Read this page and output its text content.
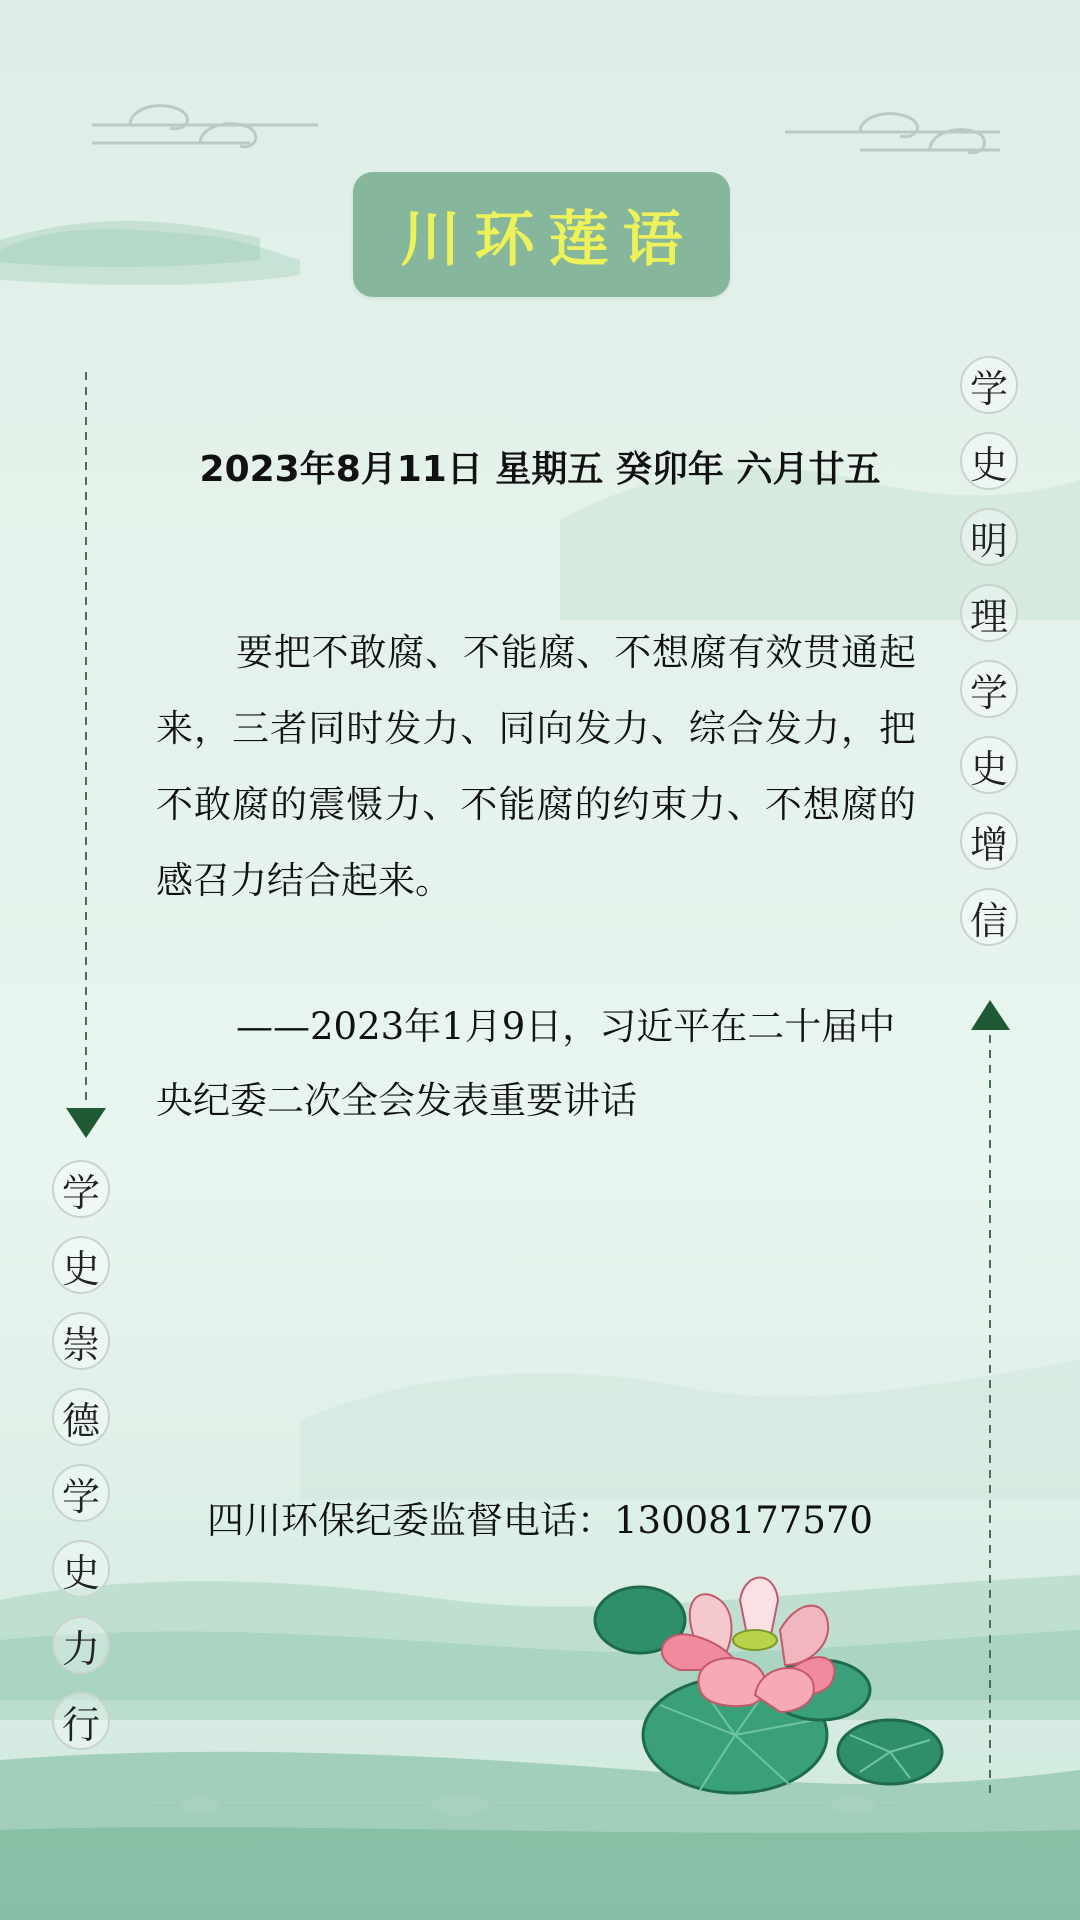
川环莲语
2023年8月11日 星期五 癸卯年 六月廿五
要把不敢腐、不能腐、不想腐有效贯通起来，三者同时发力、同向发力、综合发力，把不敢腐的震慑力、不能腐的约束力、不想腐的感召力结合起来。
——2023年1月9日，习近平在二十届中央纪委二次全会发表重要讲话
四川环保纪委监督电话：13008177570
学
史
明
理
学
史
增
信
学
史
崇
德
学
史
力
行
